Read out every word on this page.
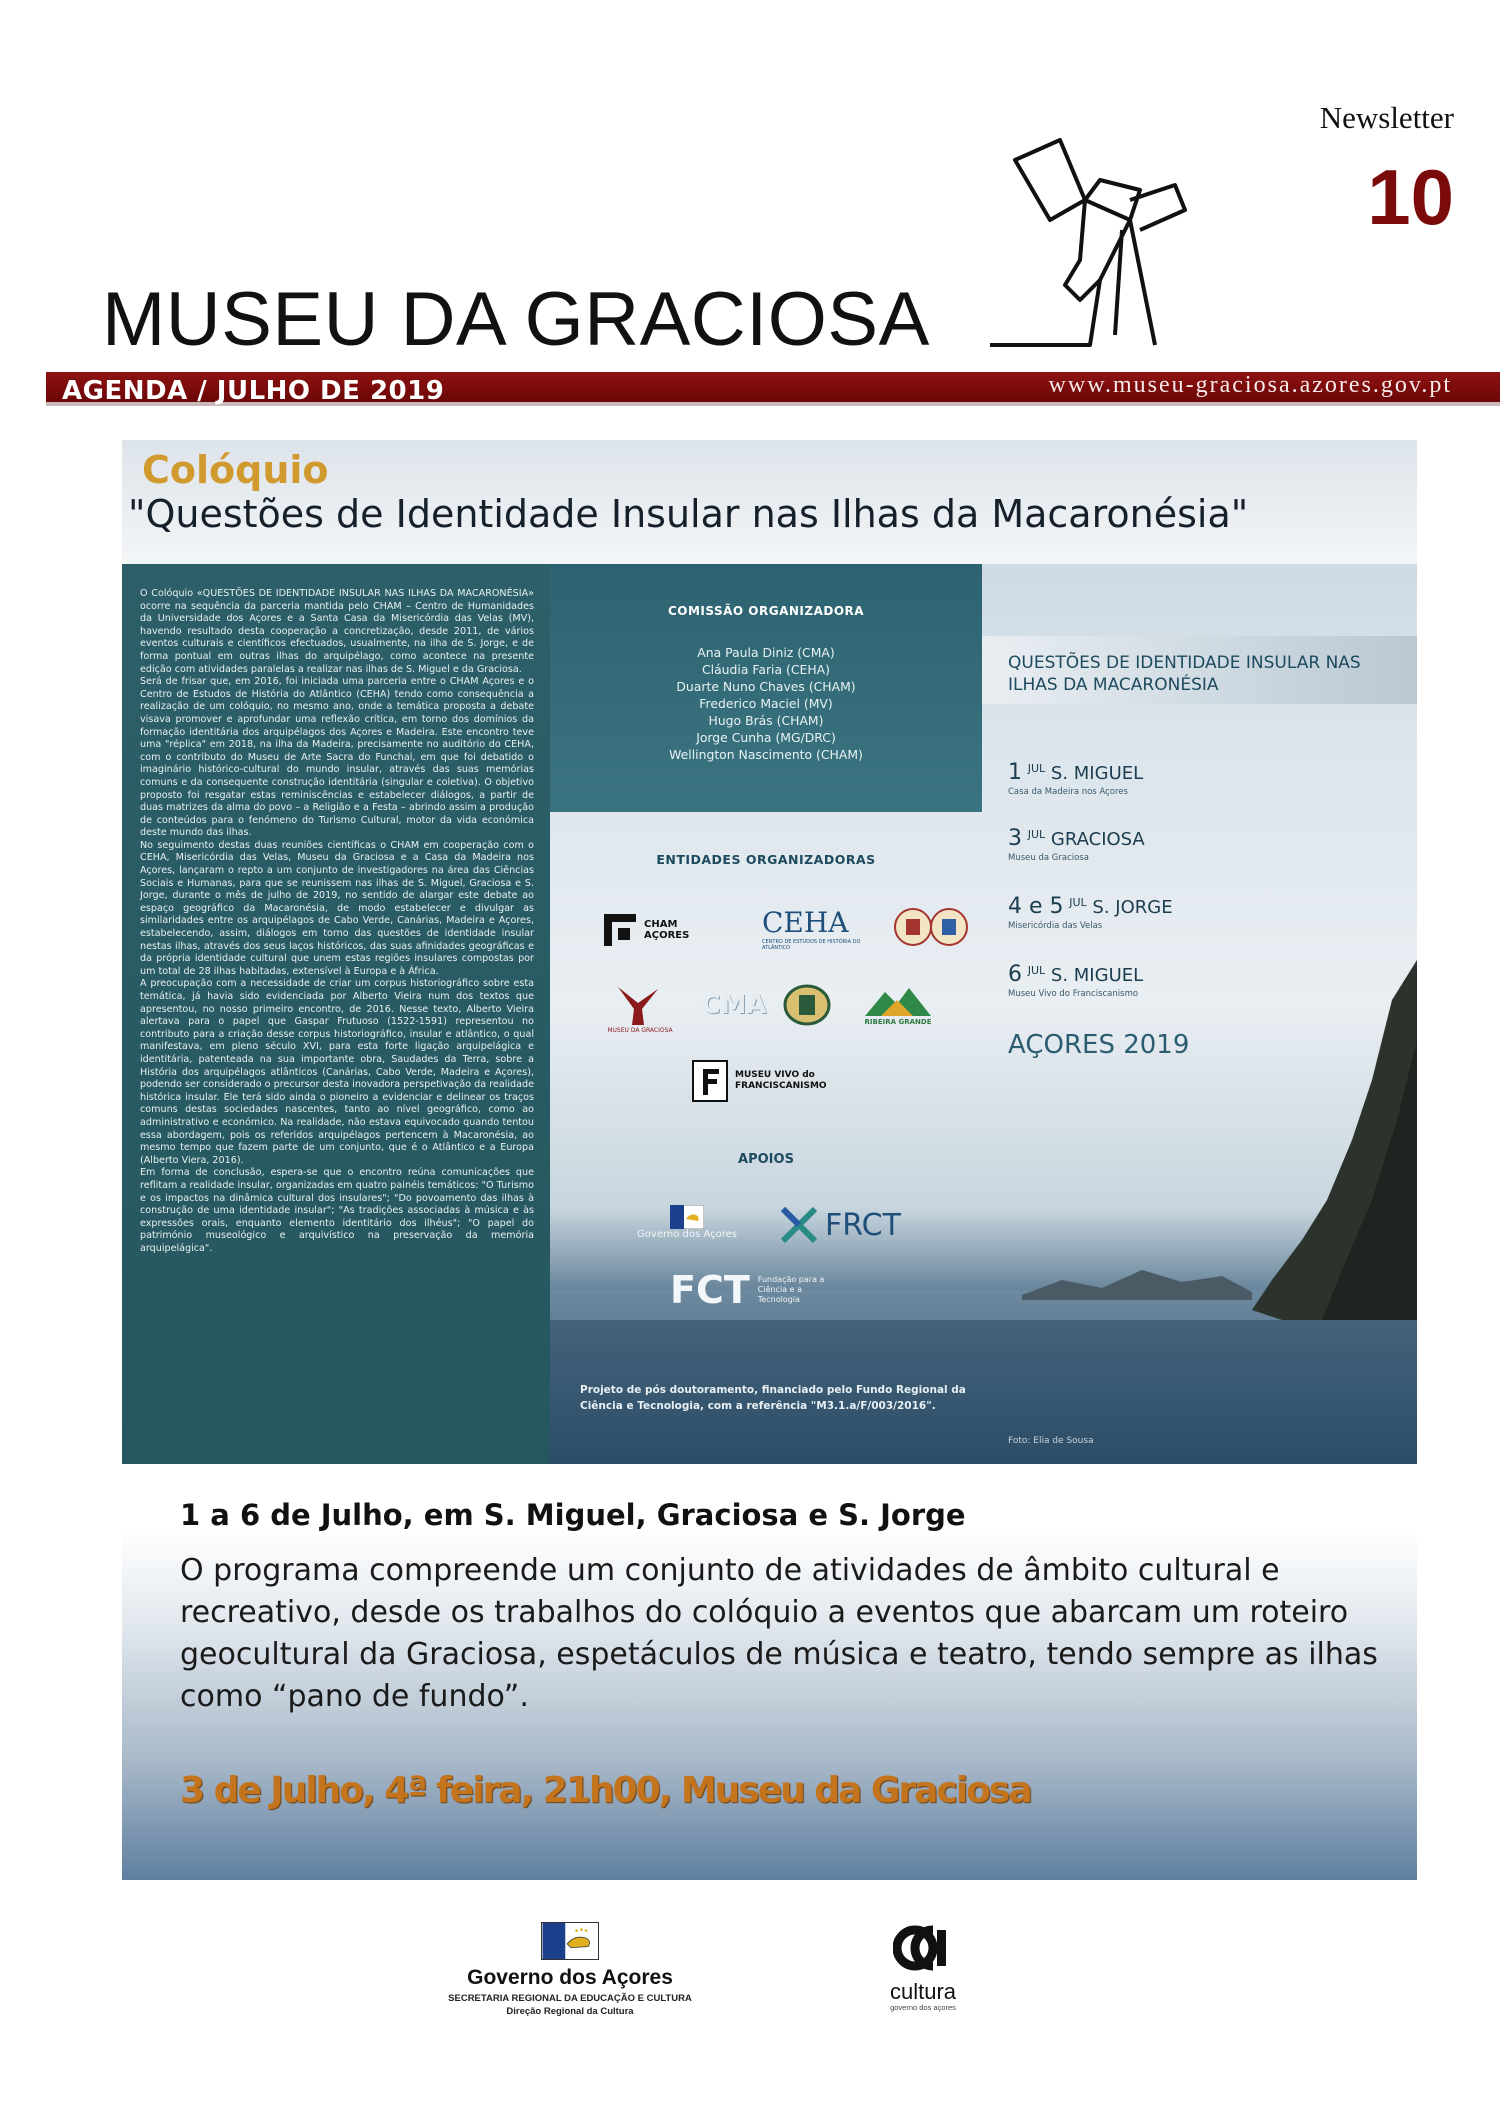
Newsletter
10
MUSEU DA GRACIOSA
AGENDA / JULHO DE 2019	www.museu-graciosa.azores.gov.pt
Colóquio
"Questões de Identidade Insular nas Ilhas da Macaronésia"

O Colóquio «QUESTÕES DE IDENTIDADE INSULAR NAS ILHAS DA MACARONÉSIA» ocorre na sequência da parceria mantida pelo CHAM – Centro de Humanidades da Universidade dos Açores e a Santa Casa da Misericórdia das Velas (MV), havendo resultado desta cooperação a concretização, desde 2011, de vários eventos culturais e científicos efectuados, usualmente, na ilha de S. Jorge, e de forma pontual em outras ilhas do arquipélago, como acontece na presente edição com atividades paralelas a realizar nas ilhas de S. Miguel e da Graciosa.

Será de frisar que, em 2016, foi iniciada uma parceria entre o CHAM Açores e o Centro de Estudos de História do Atlântico (CEHA) tendo como consequência a realização de um colóquio, no mesmo ano, onde a temática proposta a debate visava promover e aprofundar uma reflexão crítica, em torno dos domínios da formação identitária dos arquipélagos dos Açores e Madeira. Este encontro teve uma "réplica" em 2018, na ilha da Madeira, precisamente no auditório do CEHA, com o contributo do Museu de Arte Sacra do Funchal, em que foi debatido o imaginário histórico-cultural do mundo insular, através das suas memórias comuns e da consequente construção identitária (singular e coletiva). O objetivo proposto foi resgatar estas reminiscências e estabelecer diálogos, a partir de duas matrizes da alma do povo – a Religião e a Festa – abrindo assim a produção de conteúdos para o fenómeno do Turismo Cultural, motor da vida económica deste mundo das ilhas.

No seguimento destas duas reuniões científicas o CHAM em cooperação com o CEHA, Misericórdia das Velas, Museu da Graciosa e a Casa da Madeira nos Açores, lançaram o repto a um conjunto de investigadores na área das Ciências Sociais e Humanas, para que se reunissem nas ilhas de S. Miguel, Graciosa e S. Jorge, durante o mês de julho de 2019, no sentido de alargar este debate ao espaço geográfico da Macaronésia, de modo estabelecer e divulgar as similaridades entre os arquipélagos de Cabo Verde, Canárias, Madeira e Açores, estabelecendo, assim, diálogos em torno das questões de identidade insular nestas ilhas, através dos seus laços históricos, das suas afinidades geográficas e da própria identidade cultural que unem estas regiões insulares compostas por um total de 28 ilhas habitadas, extensível à Europa e à África.

A preocupação com a necessidade de criar um corpus historiográfico sobre esta temática, já havia sido evidenciada por Alberto Vieira num dos textos que apresentou, no nosso primeiro encontro, de 2016. Nesse texto, Alberto Vieira alertava para o papel que Gaspar Frutuoso (1522-1591) representou no contributo para a criação desse corpus historiográfico, insular e atlântico, o qual manifestava, em pleno século XVI, para esta forte ligação arquipelágica e identitária, patenteada na sua importante obra, Saudades da Terra, sobre a História dos arquipélagos atlânticos (Canárias, Cabo Verde, Madeira e Açores), podendo ser considerado o precursor desta inovadora perspetivação da realidade histórica insular. Ele terá sido ainda o pioneiro a evidenciar e delinear os traços comuns destas sociedades nascentes, tanto ao nível geográfico, como ao administrativo e económico. Na realidade, não estava equivocado quando tentou essa abordagem, pois os referidos arquipélagos pertencem à Macaronésia, ao mesmo tempo que fazem parte de um conjunto, que é o Atlântico e a Europa (Alberto Viera, 2016).

Em forma de conclusão, espera-se que o encontro reúna comunicações que reflitam a realidade insular, organizadas em quatro painéis temáticos: "O Turismo e os impactos na dinâmica cultural dos insulares"; "Do povoamento das ilhas à construção de uma identidade insular"; "As tradições associadas à música e às expressões orais, enquanto elemento identitário dos ilhéus"; "O papel do património museológico e arquivístico na preservação da memória arquipelágica".

COMISSÃO ORGANIZADORA
Ana Paula Diniz (CMA)
Cláudia Faria (CEHA)
Duarte Nuno Chaves (CHAM)
Frederico Maciel (MV)
Hugo Brás (CHAM)
Jorge Cunha (MG/DRC)
Wellington Nascimento (CHAM)
ENTIDADES ORGANIZADORAS
CHAM AÇORES	CEHA
CENTRO DE ESTUDOS DE HISTÓRIA DO ATLÂNTICO
MUSEU DA GRACIOSA
CMA
RIBEIRA GRANDE
MUSEU VIVO do FRANCISCANISMO
APOIOS
Governo dos Açores	FRCT
FCT Fundação para a Ciência e a Tecnologia
Projeto de pós doutoramento, financiado pelo Fundo Regional da Ciência e Tecnologia, com a referência "M3.1.a/F/003/2016".
Foto: Elia de Sousa
QUESTÕES DE IDENTIDADE INSULAR NAS ILHAS DA MACARONÉSIA
1 $^{JUL}$ S. MIGUEL
Casa da Madeira nos Açores
3 $^{JUL}$ GRACIOSA
Museu da Graciosa
4 e 5 $^{JUL}$ S. JORGE
Misericórdia das Velas
6 $^{JUL}$ S. MIGUEL
Museu Vivo do Franciscanismo
AÇORES 2019
1 a 6 de Julho, em S. Miguel, Graciosa e S. Jorge
O programa compreende um conjunto de atividades de âmbito cultural e recreativo, desde os trabalhos do colóquio a eventos que abarcam um roteiro geocultural da Graciosa, espetáculos de música e teatro, tendo sempre as ilhas como “pano de fundo”.
3 de Julho, 4ª feira, 21h00, Museu da Graciosa
Governo dos Açores
SECRETARIA REGIONAL DA EDUCAÇÃO E CULTURA
Direção Regional da Cultura
cultura
governo dos açores
